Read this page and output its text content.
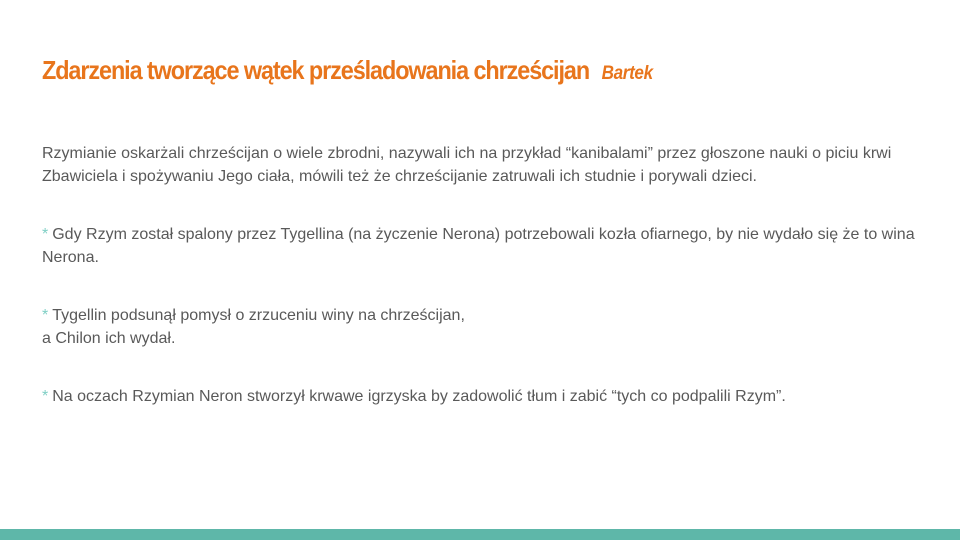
Zdarzenia tworzące wątek prześladowania chrześcijan Bartek

Rzymianie oskarżali chrześcijan o wiele zbrodni, nazywali ich na przykład “kanibalami” przez głoszone nauki o piciu krwi Zbawiciela i spożywaniu Jego ciała, mówili też że chrześcijanie zatruwali ich studnie i porywali dzieci.

* Gdy Rzym został spalony przez Tygellina (na życzenie Nerona) potrzebowali kozła ofiarnego, by nie wydało się że to wina Nerona.

* Tygellin podsunął pomysł o zrzuceniu winy na chrześcijan,
a Chilon ich wydał.

* Na oczach Rzymian Neron stworzył krwawe igrzyska by zadowolić tłum i zabić “tych co podpalili Rzym”.
